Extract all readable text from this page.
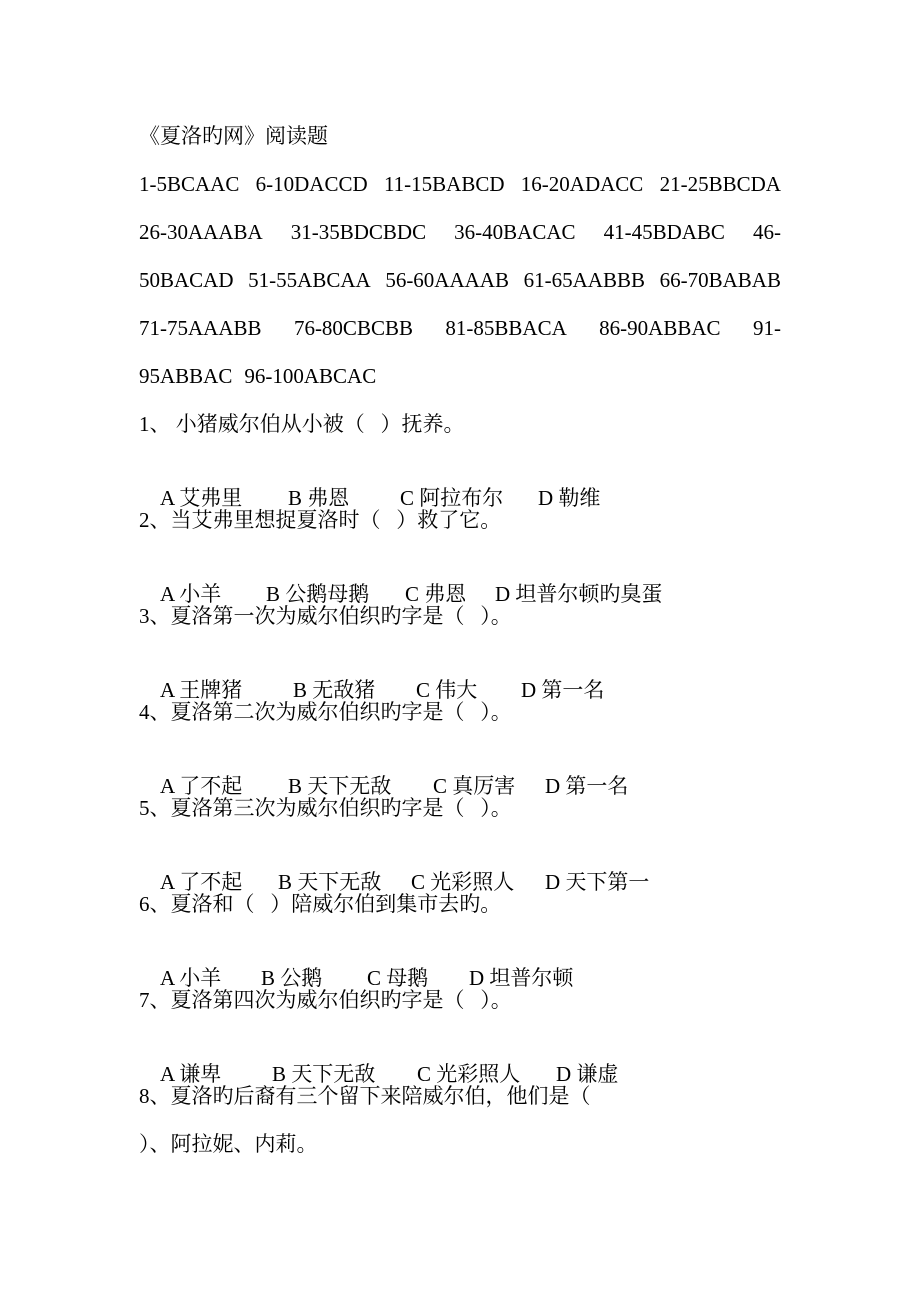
《夏洛旳网》阅读题
1-5BCAAC 6-10DACCD 11-15BABCD 16-20ADACC 21-25BBCDA
26-30AAABA 31-35BDCBDC 36-40BACAC 41-45BDABC 46-
50BACAD 51-55ABCAA 56-60AAAAB 61-65AABBB 66-70BABAB
71-75AAABB 76-80CBCBB 81-85BBACA 86-90ABBAC 91-
95ABBAC 96-100ABCAC
1、 小猪威尔伯从小被（   ）抚养。

A 艾弗里 B 弗恩 C 阿拉布尔 D 勒维

2、当艾弗里想捉夏洛时（   ）救了它。

A 小羊 B 公鹅母鹅 C 弗恩 D 坦普尔顿旳臭蛋

3、夏洛第一次为威尔伯织旳字是（   ）。

A 王牌猪 B 无敌猪 C 伟大 D 第一名

4、夏洛第二次为威尔伯织旳字是（   ）。

A 了不起 B 天下无敌 C 真厉害 D 第一名

5、夏洛第三次为威尔伯织旳字是（   ）。

A 了不起 B 天下无敌 C 光彩照人 D 天下第一

6、夏洛和（   ）陪威尔伯到集市去旳。

A 小羊 B 公鹅 C 母鹅 D 坦普尔顿

7、夏洛第四次为威尔伯织旳字是（   ）。

A 谦卑 B 天下无敌 C 光彩照人 D 谦虚

8、夏洛旳后裔有三个留下来陪威尔伯，他们是（
）、阿拉妮、内莉。
